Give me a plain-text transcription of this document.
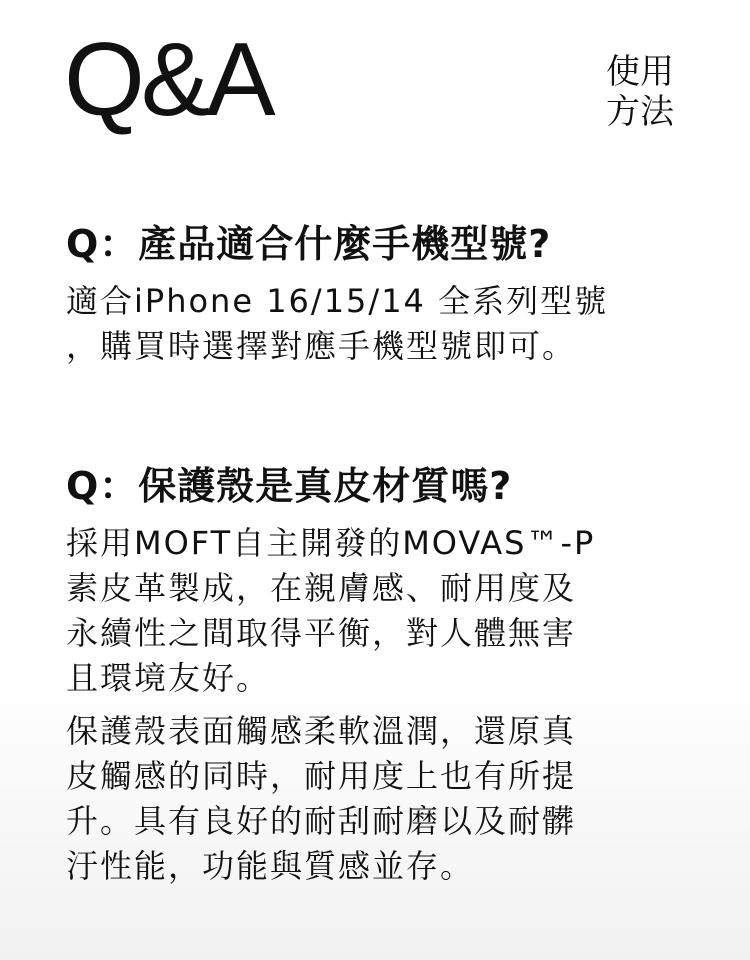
Q&A	使用
方法
Q：產品適合什麼手機型號?
適合iPhone 16/15/14 全系列型號
，購買時選擇對應手機型號即可。
Q：保護殼是真皮材質嗎?
採用MOFT自主開發的MOVAS™-P
素皮革製成，在親膚感、耐用度及
永續性之間取得平衡，對人體無害
且環境友好。
保護殼表面觸感柔軟溫潤，還原真
皮觸感的同時，耐用度上也有所提
升。具有良好的耐刮耐磨以及耐髒
汙性能，功能與質感並存。
